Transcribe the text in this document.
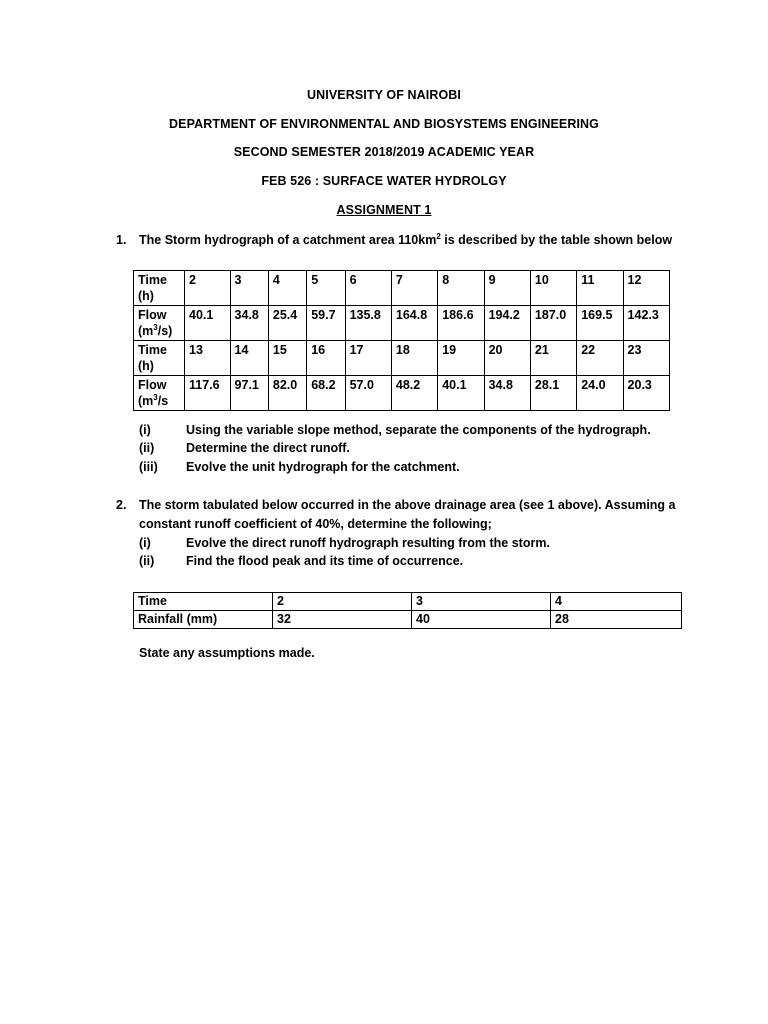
UNIVERSITY OF NAIROBI
DEPARTMENT OF ENVIRONMENTAL AND BIOSYSTEMS ENGINEERING
SECOND SEMESTER 2018/2019 ACADEMIC YEAR
FEB 526 : SURFACE WATER HYDROLGY
ASSIGNMENT 1
1. The Storm hydrograph of a catchment area $110km^2$ is described by the table shown below
Time
(h)	2	3	4	5	6	7	8	9	10	11	12
Flow
$(m^3/s)$	40.1	34.8	25.4	59.7	135.8	164.8	186.6	194.2	187.0	169.5	142.3
Time
(h)	13	14	15	16	17	18	19	20	21	22	23
Flow
($m^3/s$	117.6	97.1	82.0	68.2	57.0	48.2	40.1	34.8	28.1	24.0	20.3
(i)	Using the variable slope method, separate the components of the hydrograph.
(ii)	Determine the direct runoff.
(iii) Evolve the unit hydrograph for the catchment.
2. The storm tabulated below occurred in the above drainage area (see 1 above). Assuming a
constant runoff coefficient of 40%, determine the following;
(i)	Evolve the direct runoff hydrograph resulting from the storm.
(ii)	Find the flood peak and its time of occurrence.
Time	2	3	4
Rainfall (mm)	32	40	28
State any assumptions made.
